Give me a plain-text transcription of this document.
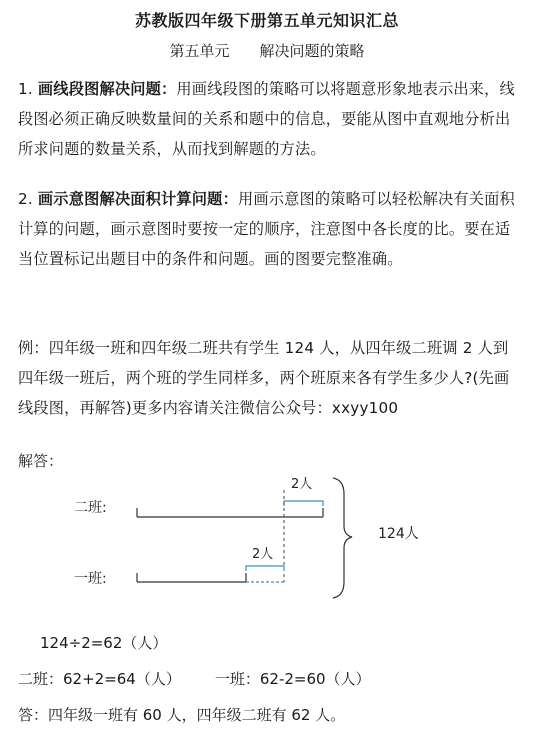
苏教版四年级下册第五单元知识汇总
第五单元 解决问题的策略
1. 画线段图解决问题：用画线段图的策略可以将题意形象地表示出来，线段图必须正确反映数量间的关系和题中的信息，要能从图中直观地分析出所求问题的数量关系，从而找到解题的方法。
2. 画示意图解决面积计算问题：用画示意图的策略可以轻松解决有关面积计算的问题，画示意图时要按一定的顺序，注意图中各长度的比。要在适当位置标记出题目中的条件和问题。画的图要完整准确。
例：四年级一班和四年级二班共有学生 124 人，从四年级二班调 2 人到四年级一班后，两个班的学生同样多，两个班原来各有学生多少人?(先画线段图，再解答)更多内容请关注微信公众号：xxyy100
解答：
二班:
2人
一班:
2人
124人
124÷2=62（人）
二班：62+2=64（人） 一班：62-2=60（人）
答：四年级一班有 60 人，四年级二班有 62 人。
